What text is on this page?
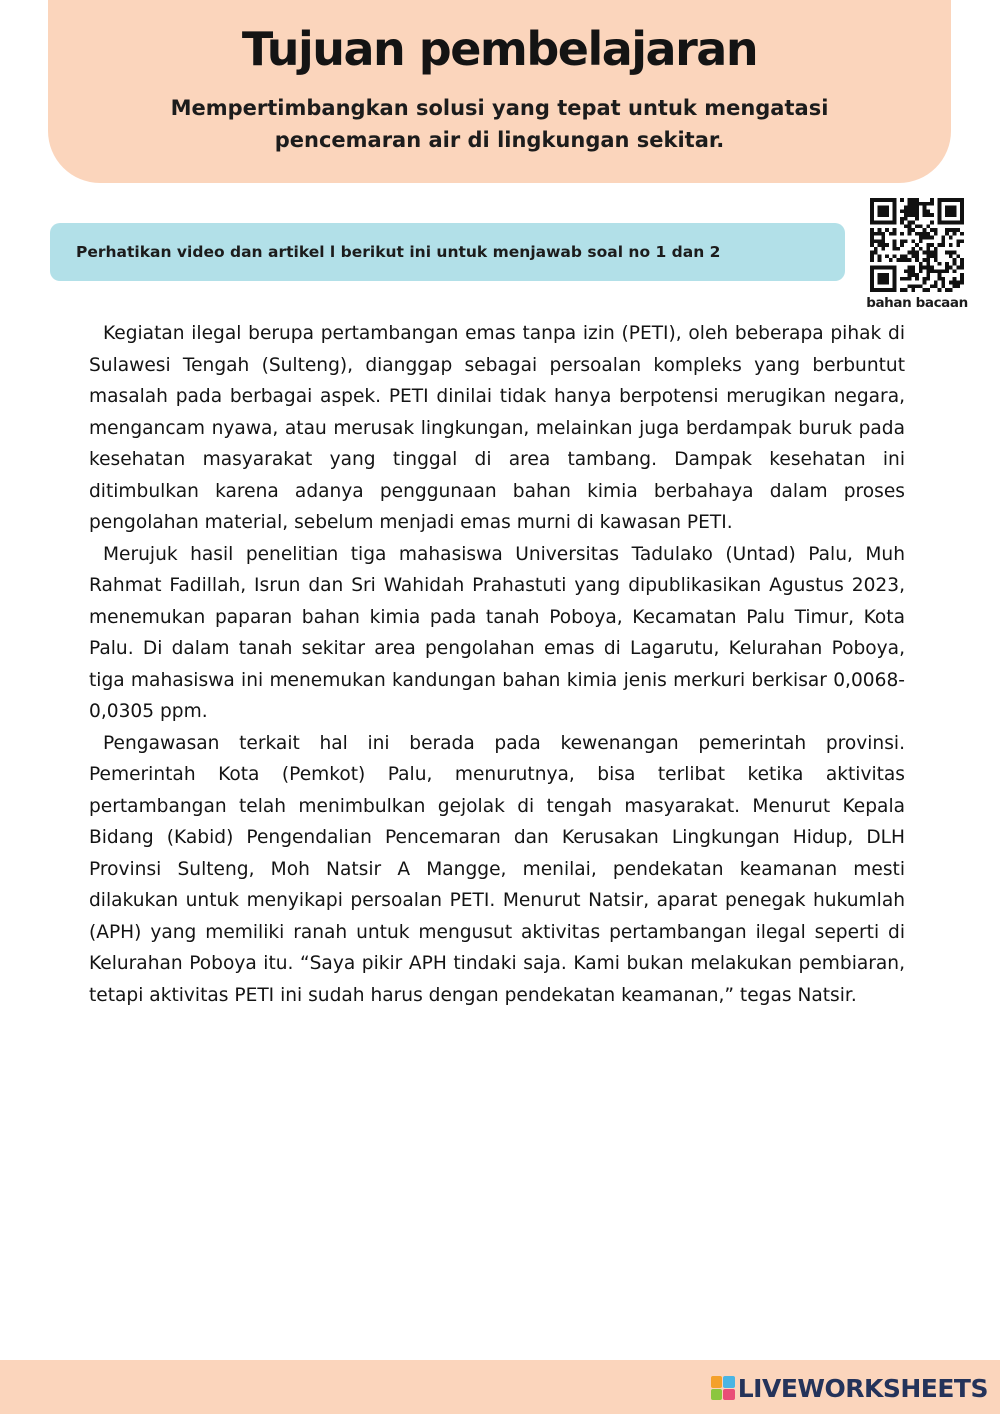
Tujuan pembelajaran

Mempertimbangkan solusi yang tepat untuk mengatasi pencemaran air di lingkungan sekitar.

Perhatikan video dan artikel l berikut ini untuk menjawab soal no 1 dan 2
bahan bacaan

Kegiatan ilegal berupa pertambangan emas tanpa izin (PETI), oleh beberapa pihak di Sulawesi Tengah (Sulteng), dianggap sebagai persoalan kompleks yang berbuntut masalah pada berbagai aspek. PETI dinilai tidak hanya berpotensi merugikan negara, mengancam nyawa, atau merusak lingkungan, melainkan juga berdampak buruk pada kesehatan masyarakat yang tinggal di area tambang. Dampak kesehatan ini ditimbulkan karena adanya penggunaan bahan kimia berbahaya dalam proses pengolahan material, sebelum menjadi emas murni di kawasan PETI.

Merujuk hasil penelitian tiga mahasiswa Universitas Tadulako (Untad) Palu, Muh Rahmat Fadillah, Isrun dan Sri Wahidah Prahastuti yang dipublikasikan Agustus 2023, menemukan paparan bahan kimia pada tanah Poboya, Kecamatan Palu Timur, Kota Palu. Di dalam tanah sekitar area pengolahan emas di Lagarutu, Kelurahan Poboya, tiga mahasiswa ini menemukan kandungan bahan kimia jenis merkuri berkisar 0,0068-0,0305 ppm.

Pengawasan terkait hal ini berada pada kewenangan pemerintah provinsi. Pemerintah Kota (Pemkot) Palu, menurutnya, bisa terlibat ketika aktivitas pertambangan telah menimbulkan gejolak di tengah masyarakat. Menurut Kepala Bidang (Kabid) Pengendalian Pencemaran dan Kerusakan Lingkungan Hidup, DLH Provinsi Sulteng, Moh Natsir A Mangge, menilai, pendekatan keamanan mesti dilakukan untuk menyikapi persoalan PETI. Menurut Natsir, aparat penegak hukumlah (APH) yang memiliki ranah untuk mengusut aktivitas pertambangan ilegal seperti di Kelurahan Poboya itu. “Saya pikir APH tindaki saja. Kami bukan melakukan pembiaran, tetapi aktivitas PETI ini sudah harus dengan pendekatan keamanan,” tegas Natsir.

LIVEWORKSHEETS
